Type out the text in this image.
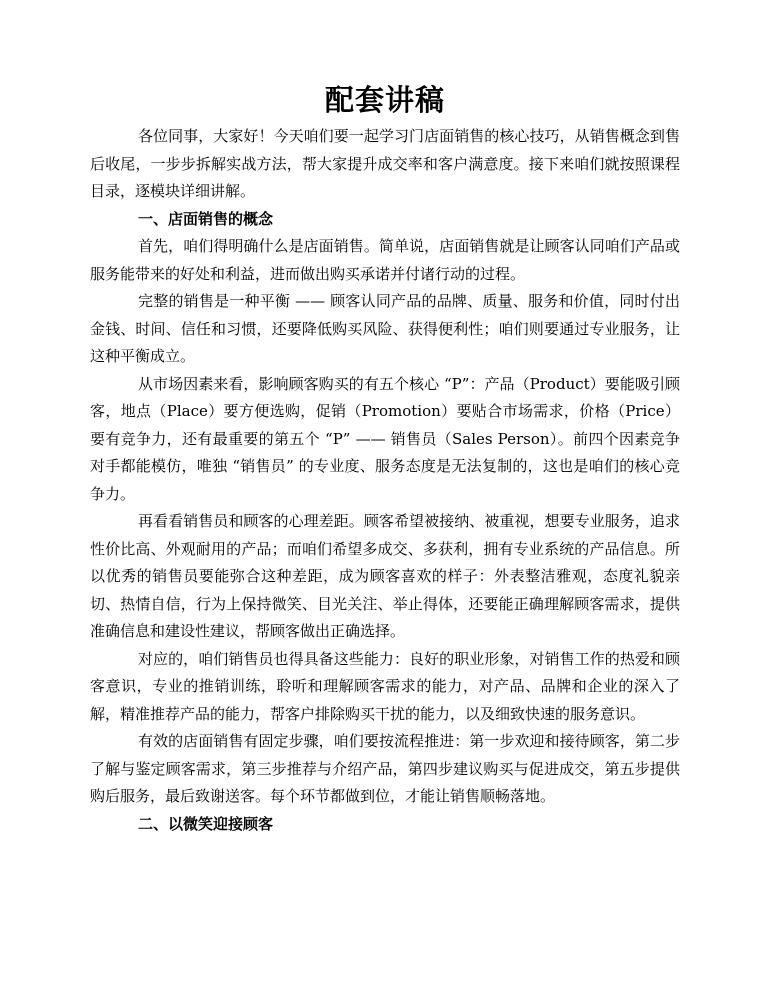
配套讲稿

各位同事，大家好！今天咱们要一起学习门店面销售的核心技巧，从销售概念到售后收尾，一步步拆解实战方法，帮大家提升成交率和客户满意度。接下来咱们就按照课程目录，逐模块详细讲解。

一、店面销售的概念

首先，咱们得明确什么是店面销售。简单说，店面销售就是让顾客认同咱们产品或服务能带来的好处和利益，进而做出购买承诺并付诸行动的过程。

完整的销售是一种平衡 —— 顾客认同产品的品牌、质量、服务和价值，同时付出金钱、时间、信任和习惯，还要降低购买风险、获得便利性；咱们则要通过专业服务，让这种平衡成立。

从市场因素来看，影响顾客购买的有五个核心 “P”：产品（Product）要能吸引顾客，地点（Place）要方便选购，促销（Promotion）要贴合市场需求，价格（Price）要有竞争力，还有最重要的第五个 “P” —— 销售员（Sales Person）。前四个因素竞争对手都能模仿，唯独 “销售员” 的专业度、服务态度是无法复制的，这也是咱们的核心竞争力。

再看看销售员和顾客的心理差距。顾客希望被接纳、被重视，想要专业服务，追求性价比高、外观耐用的产品；而咱们希望多成交、多获利，拥有专业系统的产品信息。所以优秀的销售员要能弥合这种差距，成为顾客喜欢的样子：外表整洁雅观，态度礼貌亲切、热情自信，行为上保持微笑、目光关注、举止得体，还要能正确理解顾客需求，提供准确信息和建设性建议，帮顾客做出正确选择。

对应的，咱们销售员也得具备这些能力：良好的职业形象，对销售工作的热爱和顾客意识，专业的推销训练，聆听和理解顾客需求的能力，对产品、品牌和企业的深入了解，精准推荐产品的能力，帮客户排除购买干扰的能力，以及细致快速的服务意识。

有效的店面销售有固定步骤，咱们要按流程推进：第一步欢迎和接待顾客，第二步了解与鉴定顾客需求，第三步推荐与介绍产品，第四步建议购买与促进成交，第五步提供购后服务，最后致谢送客。每个环节都做到位，才能让销售顺畅落地。

二、以微笑迎接顾客
